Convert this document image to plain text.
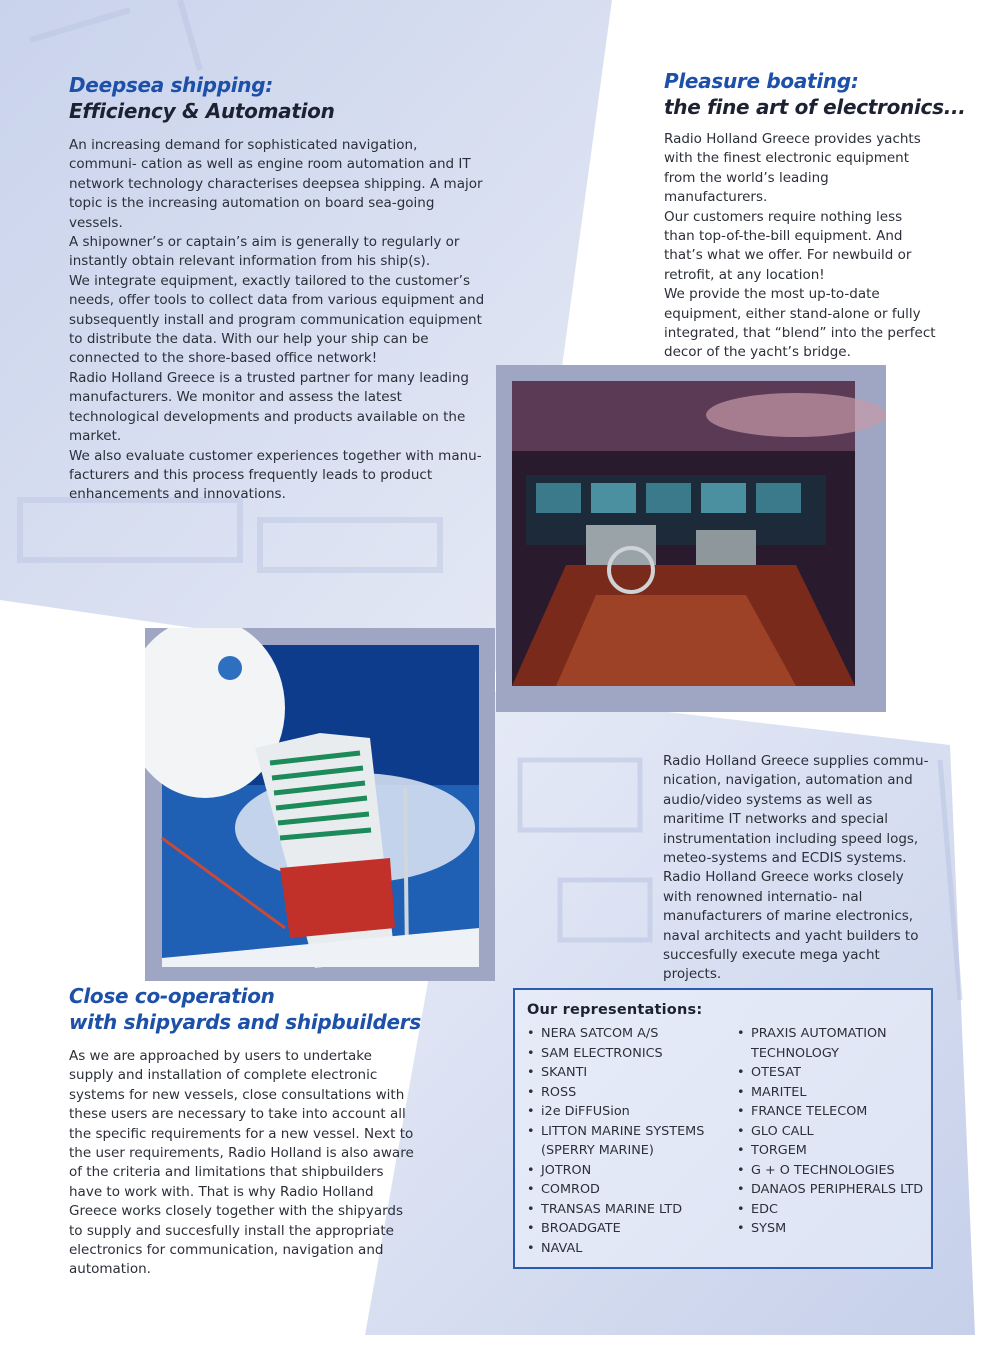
Deepsea shipping:
Efficiency & Automation

An increasing demand for sophisticated navigation, communi- cation as well as engine room automation and IT network technology characterises deepsea shipping. A major topic is the increasing automation on board sea-going vessels.

A shipowner’s or captain’s aim is generally to regularly or instantly obtain relevant information from his ship(s).

We integrate equipment, exactly tailored to the customer’s needs, offer tools to collect data from various equipment and subsequently install and program communication equipment to distribute the data. With our help your ship can be connected to the shore-based office network!

Radio Holland Greece is a trusted partner for many leading manufacturers. We monitor and assess the latest technological developments and products available on the market.

We also evaluate customer experiences together with manu- facturers and this process frequently leads to product enhancements and innovations.

Pleasure boating:
the fine art of electronics...

Radio Holland Greece provides yachts with the finest electronic equipment from the world’s leading manufacturers.

Our customers require nothing less than top-of-the-bill equipment. And that’s what we offer. For newbuild or retrofit, at any location!

We provide the most up-to-date equipment, either stand-alone or fully integrated, that “blend” into the perfect decor of the yacht’s bridge.

Radio Holland Greece supplies commu- nication, navigation, automation and audio/video systems as well as maritime IT networks and special instrumentation including speed logs, meteo-systems and ECDIS systems. Radio Holland Greece works closely with renowned internatio- nal manufacturers of marine electronics, naval architects and yacht builders to succesfully execute mega yacht projects.
Close co-operation
with shipyards and shipbuilders
As we are approached by users to undertake supply and installation of complete electronic systems for new vessels, close consultations with these users are necessary to take into account all the specific requirements for a new vessel. Next to the user requirements, Radio Holland is also aware of the criteria and limitations that shipbuilders have to work with. That is why Radio Holland Greece works closely together with the shipyards to supply and succesfully install the appropriate electronics for communication, navigation and automation.
Our representations:
• NERA SATCOM A/S
• SAM ELECTRONICS
• SKANTI
• ROSS
• i2e DiFFUSion
• LITTON MARINE SYSTEMS
(SPERRY MARINE)
• JOTRON
• COMROD
• TRANSAS MARINE LTD
• BROADGATE
• NAVAL
• PRAXIS AUTOMATION
TECHNOLOGY
• OTESAT
• MARITEL
• FRANCE TELECOM
• GLO CALL
• TORGEM
• G + O TECHNOLOGIES
• DANAOS PERIPHERALS LTD
• EDC
• SYSM
